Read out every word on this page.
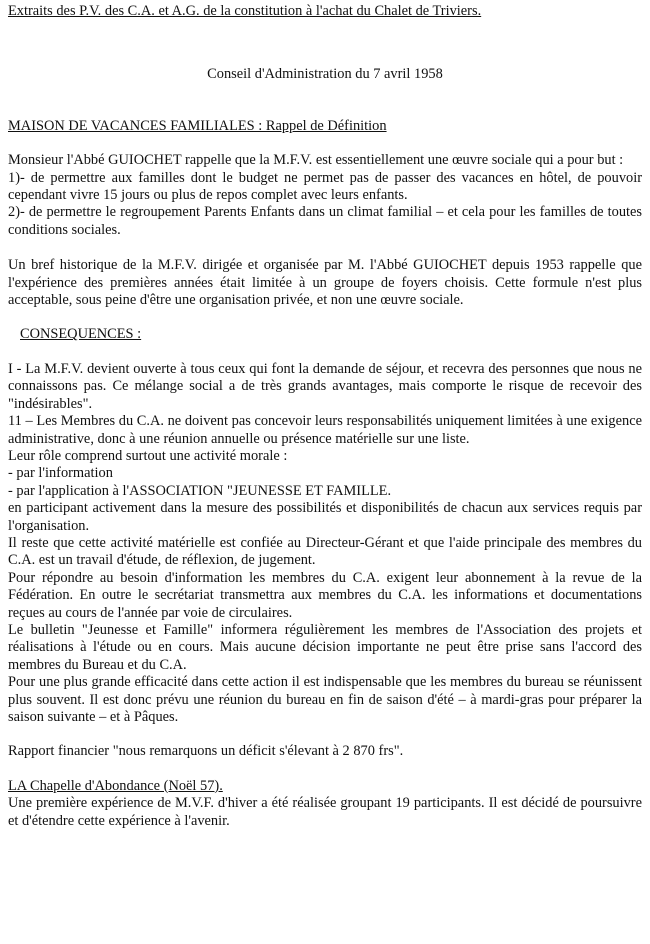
Extraits des P.V. des C.A. et A.G. de la constitution à l'achat du Chalet de Triviers.

Conseil d'Administration du 7 avril 1958

MAISON DE VACANCES FAMILIALES : Rappel de Définition

Monsieur l'Abbé GUIOCHET rappelle que la M.F.V. est essentiellement une œuvre sociale qui a pour but :

1)- de permettre aux familles dont le budget ne permet pas de passer des vacances en hôtel, de pouvoir cependant vivre 15 jours ou plus de repos complet avec leurs enfants.

2)- de permettre le regroupement Parents Enfants dans un climat familial – et cela pour les familles de toutes conditions sociales.

Un bref historique de la M.F.V. dirigée et organisée par M. l'Abbé GUIOCHET depuis 1953 rappelle que l'expérience des premières années était limitée à un groupe de foyers choisis. Cette formule n'est plus acceptable, sous peine d'être une organisation privée, et non une œuvre sociale.

CONSEQUENCES :

I - La M.F.V. devient ouverte à tous ceux qui font la demande de séjour, et recevra des personnes que nous ne connaissons pas. Ce mélange social a de très grands avantages, mais comporte le risque de recevoir des "indésirables".

11 – Les Membres du C.A. ne doivent pas concevoir leurs responsabilités uniquement limitées à une exigence administrative, donc à une réunion annuelle ou présence matérielle sur une liste.

Leur rôle comprend surtout une activité morale :

- par l'information

- par l'application à l'ASSOCIATION "JEUNESSE ET FAMILLE.

en participant activement dans la mesure des possibilités et disponibilités de chacun aux services requis par l'organisation.

Il reste que cette activité matérielle est confiée au Directeur-Gérant et que l'aide principale des membres du C.A. est un travail d'étude, de réflexion, de jugement.

Pour répondre au besoin d'information les membres du C.A. exigent leur abonnement à la revue de la Fédération. En outre le secrétariat transmettra aux membres du C.A. les informations et documentations reçues au cours de l'année par voie de circulaires.

Le bulletin "Jeunesse et Famille" informera régulièrement les membres de l'Association des projets et réalisations à l'étude ou en cours. Mais aucune décision importante ne peut être prise sans l'accord des membres du Bureau et du C.A.

Pour une plus grande efficacité dans cette action il est indispensable que les membres du bureau se réunissent plus souvent. Il est donc prévu une réunion du bureau en fin de saison d'été – à mardi-gras pour préparer la saison suivante – et à Pâques.

Rapport financier "nous remarquons un déficit s'élevant à 2 870 frs".

LA Chapelle d'Abondance (Noël 57).

Une première expérience de M.V.F. d'hiver a été réalisée groupant 19 participants. Il est décidé de poursuivre et d'étendre cette expérience à l'avenir.
